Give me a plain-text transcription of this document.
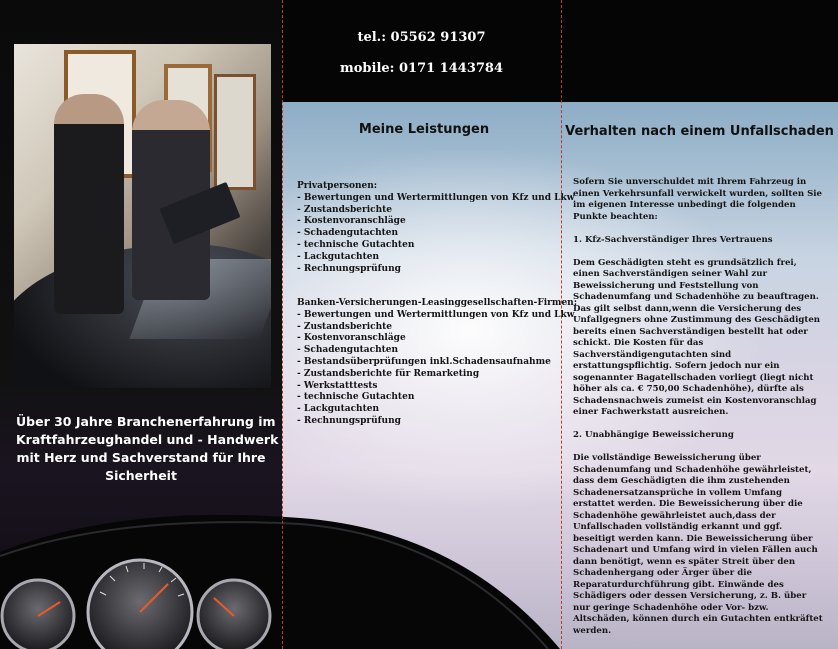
Über 30 Jahre Branchenerfahrung im
Kraftfahrzeughandel und - Handwerk
mit Herz und Sachverstand für Ihre
Sicherheit
tel.: 05562 91307
mobile: 0171 1443784
Meine Leistungen
Privatpersonen:
- Bewertungen und Wertermittlungen von Kfz und Lkw
- Zustandsberichte
- Kostenvoranschläge
- Schadengutachten
- technische Gutachten
- Lackgutachten
- Rechnungsprüfung
Banken-Versicherungen-Leasinggesellschaften-Firmen:
- Bewertungen und Wertermittlungen von Kfz und Lkw
- Zustandsberichte
- Kostenvoranschläge
- Schadengutachten
- Bestandsüberprüfungen inkl.Schadensaufnahme
- Zustandsberichte für Remarketing
- Werkstatttests
- technische Gutachten
- Lackgutachten
- Rechnungsprüfung
Verhalten nach einem Unfallschaden

Sofern Sie unverschuldet mit Ihrem Fahrzeug in einen Verkehrsunfall verwickelt wurden, sollten Sie im eigenen Interesse unbedingt die folgenden Punkte beachten:

1. Kfz-Sachverständiger Ihres Vertrauens

Dem Geschädigten steht es grundsätzlich frei, einen Sachverständigen seiner Wahl zur Beweissicherung und Feststellung von Schadenumfang und Schadenhöhe zu beauftragen. Das gilt selbst dann,wenn die Versicherung des Unfallgegners ohne Zustimmung des Geschädigten bereits einen Sachverständigen bestellt hat oder schickt. Die Kosten für das Sachverständigengutachten sind erstattungspflichtig. Sofern jedoch nur ein sogenannter Bagatellschaden vorliegt (liegt nicht höher als ca. € 750,00 Schadenhöhe), dürfte als Schadensnachweis zumeist ein Kostenvoranschlag einer Fachwerkstatt ausreichen.

2. Unabhängige Beweissicherung

Die vollständige Beweissicherung über Schadenumfang und Schadenhöhe gewährleistet, dass dem Geschädigten die ihm zustehenden Schadenersatzansprüche in vollem Umfang erstattet werden. Die Beweissicherung über die Schadenhöhe gewährleistet auch,dass der Unfallschaden vollständig erkannt und ggf. beseitigt werden kann. Die Beweissicherung über Schadenart und Umfang wird in vielen Fällen auch dann benötigt, wenn es später Streit über den Schadenhergang oder Ärger über die Reparaturdurchführung gibt. Einwände des Schädigers oder dessen Versicherung, z. B. über nur geringe Schadenhöhe oder Vor- bzw. Altschäden, können durch ein Gutachten entkräftet werden.
